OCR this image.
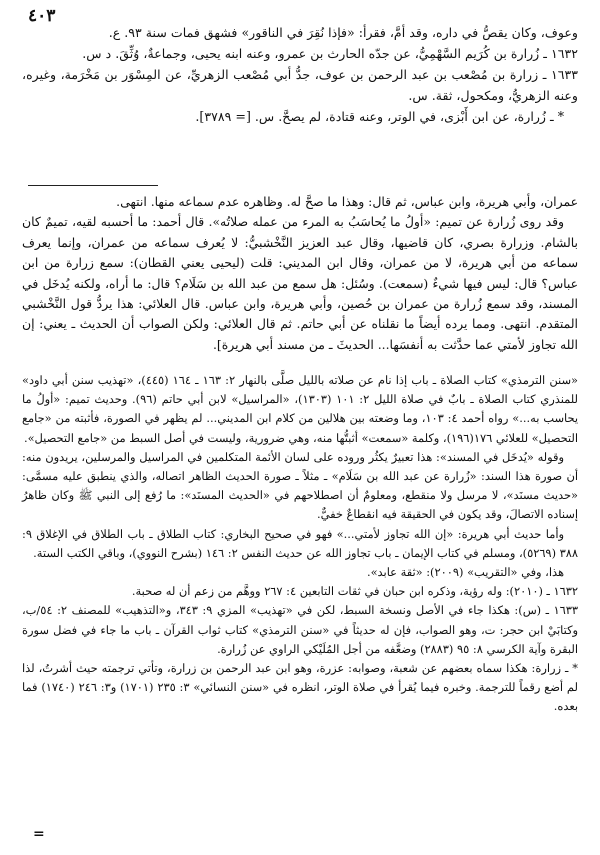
٤٠٣

وعوف، وكان يقصُّ في داره، وقد أمَّ، فقرأ: «فإذا نُقِرَ في الناقور» فشهق فمات سنة ٩٣. ع.

١٦٣٢ ـ زُرارة بن كُرَيم السَّهْمِيُّ، عن جدّه الحارث بن عمرو، وعنه ابنه يحيى، وجماعةٌ، وُثِّقَ. د س.

١٦٣٣ ـ زرارة بن مُصْعب بن عبد الرحمن بن عوف، جدُّ أبي مُصْعب الزهريِّ، عن المِسْوَر بن مَخْرَمة، وغيره، وعنه الزهريُّ، ومكحول، ثقة. س.

* ـ زُرارة، عن ابن أَبْزى، في الوتر، وعنه قتادة، لم يصحَّ. س. [= ٣٧٨٩].

عمران، وأبي هريرة، وابن عباس، ثم قال: وهذا ما صحَّ له. وظاهره عدم سماعه منها. انتهى.

وقد روى زُرارة عن تميم: «أولُ ما يُحاسَبُ به المرء من عمله صلاتُه». قال أحمد: ما أحسبه لقيه، تميمٌ كان بالشام. وزرارة بصري، كان قاضيها، وقال عبد العزيز النَّخْشبيُّ: لا يُعرف سماعه من عمران، وإنما يعرف سماعه من أبي هريرة، لا من عمران، وقال ابن المديني: قلت (ليحيى يعني القطان): سمع زرارة من ابن عباس؟ قال: ليس فيها شيءٌ (سمعت). وسُئل: هل سمع من عبد الله بن سَلَام؟ قال: ما أراه، ولكنه يُدخَل في المسند، وقد سمع زُرارة من عمران بن حُصين، وأبي هريرة، وابن عباس. قال العلائي: هذا يردُّ قول النَّخْشبي المتقدم. انتهى. ومما يرده أيضاً ما نقلناه عن أبي حاتم. ثم قال العلائي: ولكن الصواب أن الحديث ـ يعني: إن الله تجاوز لأمتي عما حدَّثت به أنفسَها... الحديثَ ـ من مسند أبي هريرة].

«سنن الترمذي» كتاب الصلاة ـ باب إذا نام عن صلاته بالليل صلَّى بالنهار ٢: ١٦٣ ـ ١٦٤ (٤٤٥)، «تهذيب سنن أبي داود» للمنذري كتاب الصلاة ـ بابٌ في صلاة الليل ٢: ١٠١ (١٣٠٣)، «المراسيل» لابن أبي حاتم (٩٦). وحديث تميم: «أولُ ما يحاسب به...» رواه أحمد ٤: ١٠٣، وما وضعته بين هلالين من كلام ابن المديني... لم يظهر في الصورة، فأثبته من «جامع التحصيل» للعلائي ١٧٦(١٩٦)، وكلمة «سمعت» أثبتُّها منه، وهي ضرورية، وليست في أصل السبط من «جامع التحصيل».

وقوله «يُدخَل في المسند»: هذا تعبيرٌ يكثُر وروده على لسان الأئمة المتكلمين في المراسيل والمرسلين، يريدون منه: أن صورة هذا السند: «زُرارة عن عبد الله بن سَلَام» ـ مثلاً ـ صورة الحديث الظاهر اتصاله، والذي ينطبق عليه مسمَّى: «حديث مسنَد»، لا مرسل ولا منقطع، ومعلومٌ أن اصطلاحهم في «الحديث المسنَد»: ما رُفع إلى النبي ﷺ وكان ظاهرُ إسناده الاتصالَ، وقد يكون في الحقيقة فيه انقطاعٌ خفيٌّ.

وأما حديث أبي هريرة: «إن الله تجاوز لأمتي...» فهو في صحيح البخاري: كتاب الطلاق ـ باب الطلاق في الإغلاق ٩: ٣٨٨ (٥٢٦٩)، ومسلم في كتاب الإيمان ـ باب تجاوز الله عن حديث النفس ٢: ١٤٦ (بشرح النووي)، وباقي الكتب الستة.

هذا، وفي «التقريب» (٢٠٠٩): «ثقة عابد».

١٦٣٢ ـ (٢٠١٠): وله رؤية، وذكره ابن حبان في ثقات التابعين ٤: ٢٦٧ ووهَّم من زعم أن له صحبة.

١٦٣٣ ـ (س): هكذا جاء في الأصل ونسخة السبط، لكن في «تهذيب» المزي ٩: ٣٤٣، و«التذهيب» للمصنف ٢: ٥٤/ب، وكتابَيْ ابن حجر: ت، وهو الصواب، فإن له حديثاً في «سنن الترمذي» كتاب ثواب القرآن ـ باب ما جاء في فضل سورة البقرة وآية الكرسي ٨: ٩٥ (٢٨٨٣) وضعَّفه من أجل المُلَيْكي الراوي عن زُرارة.

* ـ زرارة: هكذا سماه بعضهم عن شعبة، وصوابه: عزرة، وهو ابن عبد الرحمن بن زرارة، وتأتي ترجمته حيث أشرتُ، لذا لم أضع رقماً للترجمة. وخبره فيما يُقرأ في صلاة الوتر، انظره في «سنن النسائي» ٣: ٢٣٥ (١٧٠١) و٣: ٢٤٦ (١٧٤٠) فما بعده.

=
